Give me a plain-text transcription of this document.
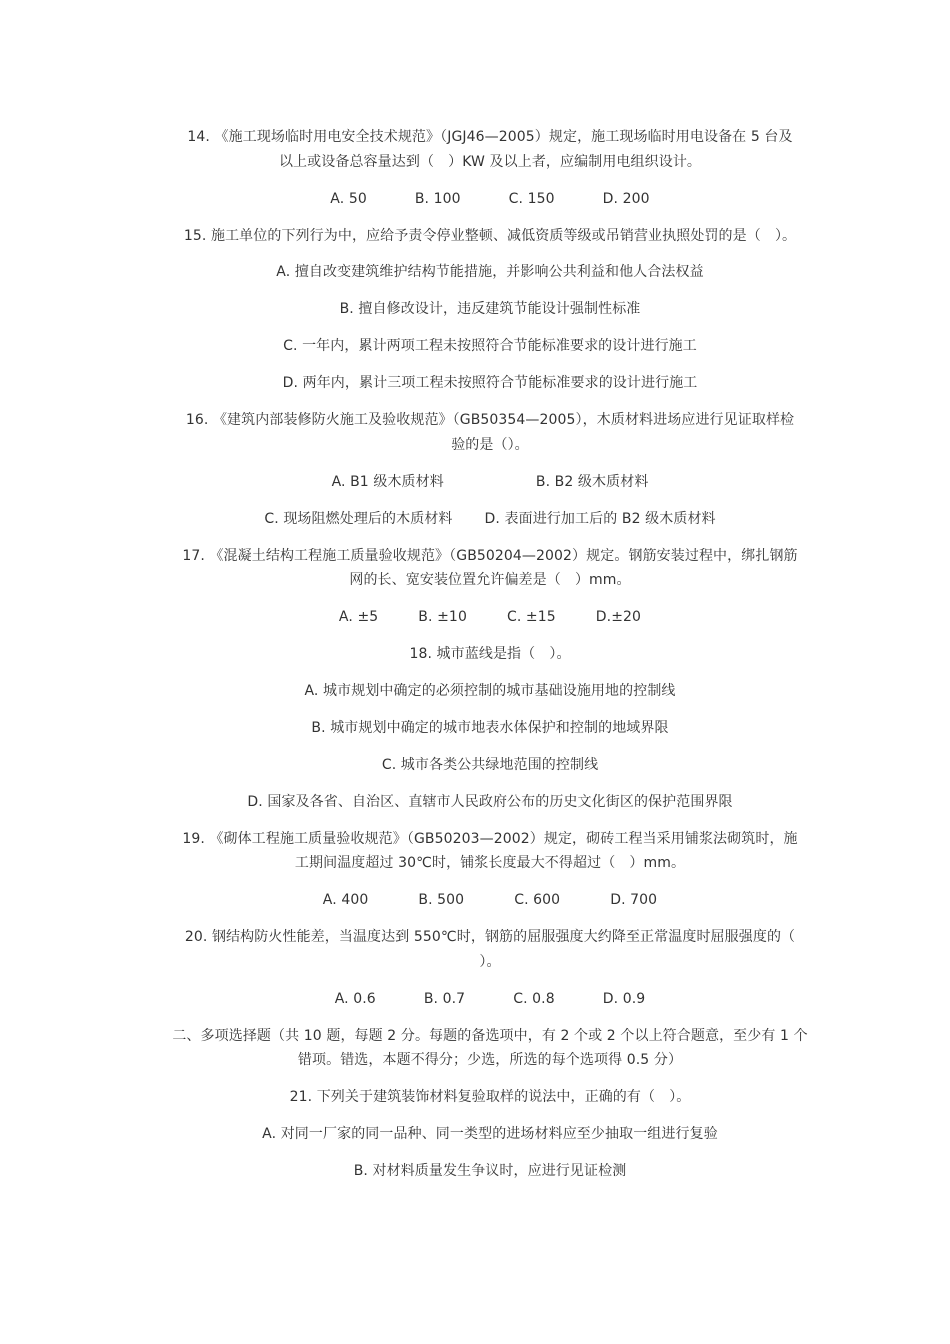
14. 《施工现场临时用电安全技术规范》（JGJ46—2005）规定，施工现场临时用电设备在 5 台及
以上或设备总容量达到（　）KW 及以上者，应编制用电组织设计。
A. 50	B. 100	C. 150	D. 200
15. 施工单位的下列行为中，应给予责令停业整顿、减低资质等级或吊销营业执照处罚的是（　）。
A. 擅自改变建筑维护结构节能措施，并影响公共利益和他人合法权益
B. 擅自修改设计，违反建筑节能设计强制性标准
C. 一年内，累计两项工程未按照符合节能标准要求的设计进行施工
D. 两年内，累计三项工程未按照符合节能标准要求的设计进行施工
16. 《建筑内部装修防火施工及验收规范》（GB50354—2005），木质材料进场应进行见证取样检
验的是（）。
A. B1 级木质材料	B. B2 级木质材料
C. 现场阻燃处理后的木质材料 D. 表面进行加工后的 B2 级木质材料
17. 《混凝土结构工程施工质量验收规范》（GB50204—2002）规定。钢筋安装过程中，绑扎钢筋
网的长、宽安装位置允许偏差是（　）mm。
A. ±5	B. ±10	C. ±15	D.±20
18. 城市蓝线是指（　）。
A. 城市规划中确定的必须控制的城市基础设施用地的控制线
B. 城市规划中确定的城市地表水体保护和控制的地域界限
C. 城市各类公共绿地范围的控制线
D. 国家及各省、自治区、直辖市人民政府公布的历史文化街区的保护范围界限
19. 《砌体工程施工质量验收规范》（GB50203—2002）规定，砌砖工程当采用铺浆法砌筑时，施
工期间温度超过 30℃时，铺浆长度最大不得超过（　）mm。
A. 400	B. 500	C. 600	D. 700
20. 钢结构防火性能差，当温度达到 550℃时，钢筋的屈服强度大约降至正常温度时屈服强度的（
）。
A. 0.6	B. 0.7	C. 0.8	D. 0.9
二、多项选择题（共 10 题，每题 2 分。每题的备选项中，有 2 个或 2 个以上符合题意，至少有 1 个
错项。错选，本题不得分；少选，所选的每个选项得 0.5 分）
21. 下列关于建筑装饰材料复验取样的说法中，正确的有（　）。
A. 对同一厂家的同一品种、同一类型的进场材料应至少抽取一组进行复验
B. 对材料质量发生争议时，应进行见证检测
